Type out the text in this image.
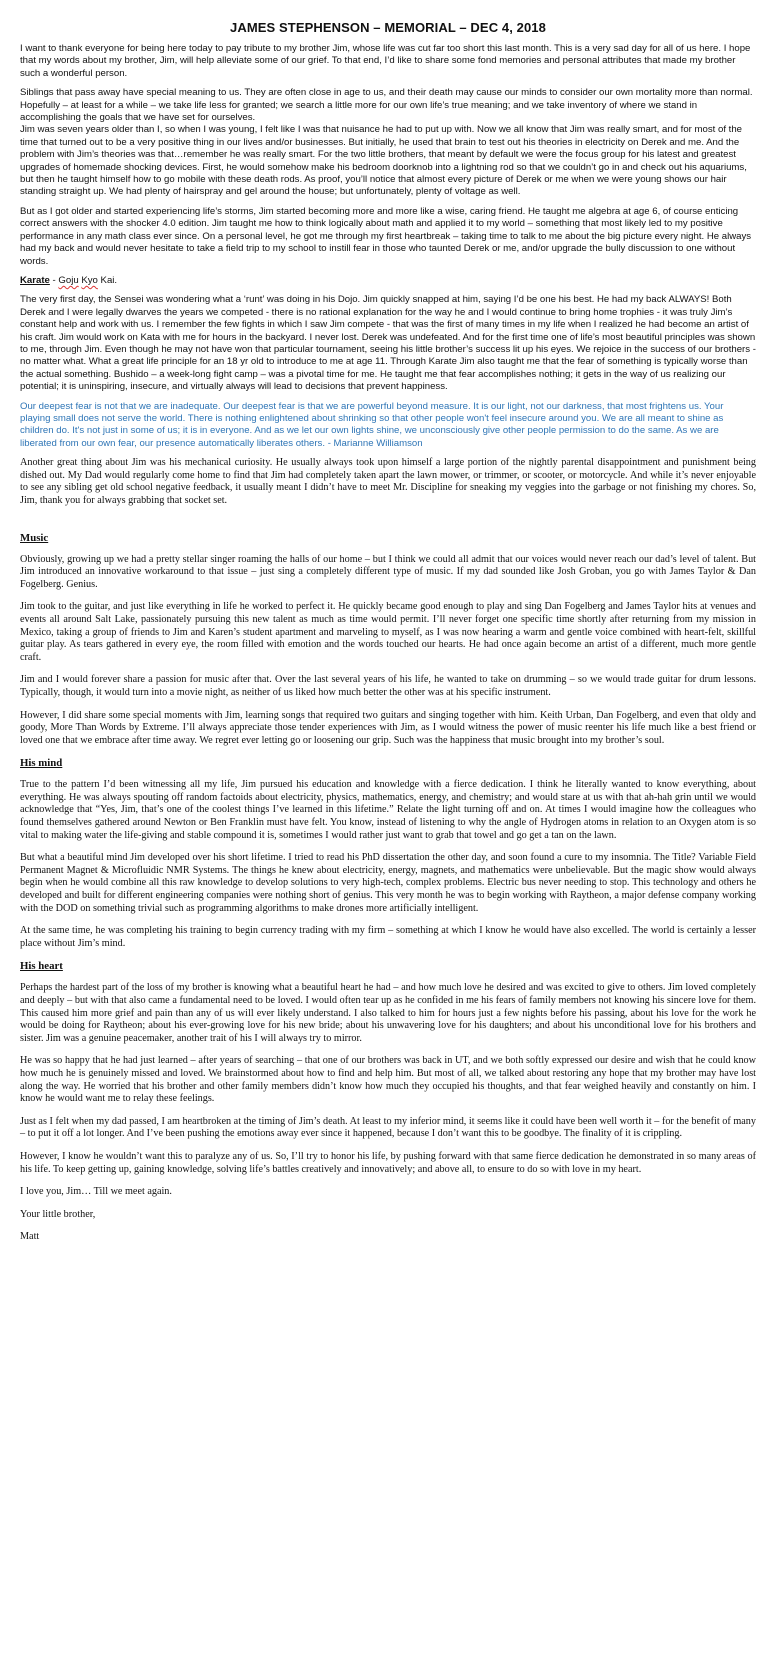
JAMES STEPHENSON – MEMORIAL – DEC 4, 2018

I want to thank everyone for being here today to pay tribute to my brother Jim, whose life was cut far too short this last month. This is a very sad day for all of us here. I hope that my words about my brother, Jim, will help alleviate some of our grief. To that end, I’d like to share some fond memories and personal attributes that made my brother such a wonderful person.

Siblings that pass away have special meaning to us. They are often close in age to us, and their death may cause our minds to consider our own mortality more than normal. Hopefully – at least for a while – we take life less for granted; we search a little more for our own life’s true meaning; and we take inventory of where we stand in accomplishing the goals that we have set for ourselves.

Jim was seven years older than I, so when I was young, I felt like I was that nuisance he had to put up with. Now we all know that Jim was really smart, and for most of the time that turned out to be a very positive thing in our lives and/or businesses. But initially, he used that brain to test out his theories in electricity on Derek and me. And the problem with Jim’s theories was that…remember he was really smart. For the two little brothers, that meant by default we were the focus group for his latest and greatest upgrades of homemade shocking devices. First, he would somehow make his bedroom doorknob into a lightning rod so that we couldn’t go in and check out his aquariums, but then he taught himself how to go mobile with these death rods. As proof, you’ll notice that almost every picture of Derek or me when we were young shows our hair standing straight up. We had plenty of hairspray and gel around the house; but unfortunately, plenty of voltage as well.

But as I got older and started experiencing life’s storms, Jim started becoming more and more like a wise, caring friend. He taught me algebra at age 6, of course enticing correct answers with the shocker 4.0 edition. Jim taught me how to think logically about math and applied it to my world – something that most likely led to my positive performance in any math class ever since. On a personal level, he got me through my first heartbreak – taking time to talk to me about the big picture every night. He always had my back and would never hesitate to take a field trip to my school to instill fear in those who taunted Derek or me, and/or upgrade the bully discussion to one without words.

Karate - Goju Kyo Kai.

The very first day, the Sensei was wondering what a ‘runt’ was doing in his Dojo. Jim quickly snapped at him, saying I’d be one his best. He had my back ALWAYS! Both Derek and I were legally dwarves the years we competed - there is no rational explanation for the way he and I would continue to bring home trophies - it was truly Jim’s constant help and work with us. I remember the few fights in which I saw Jim compete - that was the first of many times in my life when I realized he had become an artist of his craft. Jim would work on Kata with me for hours in the backyard. I never lost. Derek was undefeated. And for the first time one of life’s most beautiful principles was shown to me, through Jim. Even though he may not have won that particular tournament, seeing his little brother’s success lit up his eyes. We rejoice in the success of our brothers - no matter what. What a great life principle for an 18 yr old to introduce to me at age 11. Through Karate Jim also taught me that the fear of something is typically worse than the actual something. Bushido – a week-long fight camp – was a pivotal time for me. He taught me that fear accomplishes nothing; it gets in the way of us realizing our potential; it is uninspiring, insecure, and virtually always will lead to decisions that prevent happiness.

Our deepest fear is not that we are inadequate. Our deepest fear is that we are powerful beyond measure. It is our light, not our darkness, that most frightens us. Your playing small does not serve the world. There is nothing enlightened about shrinking so that other people won't feel insecure around you. We are all meant to shine as children do. It's not just in some of us; it is in everyone. And as we let our own lights shine, we unconsciously give other people permission to do the same. As we are liberated from our own fear, our presence automatically liberates others. - Marianne Williamson

Another great thing about Jim was his mechanical curiosity. He usually always took upon himself a large portion of the nightly parental disappointment and punishment being dished out. My Dad would regularly come home to find that Jim had completely taken apart the lawn mower, or trimmer, or scooter, or motorcycle. And while it’s never enjoyable to see any sibling get old school negative feedback, it usually meant I didn’t have to meet Mr. Discipline for sneaking my veggies into the garbage or not finishing my chores. So, Jim, thank you for always grabbing that socket set.

Music

Obviously, growing up we had a pretty stellar singer roaming the halls of our home – but I think we could all admit that our voices would never reach our dad’s level of talent. But Jim introduced an innovative workaround to that issue – just sing a completely different type of music. If my dad sounded like Josh Groban, you go with James Taylor & Dan Fogelberg. Genius.

Jim took to the guitar, and just like everything in life he worked to perfect it. He quickly became good enough to play and sing Dan Fogelberg and James Taylor hits at venues and events all around Salt Lake, passionately pursuing this new talent as much as time would permit. I’ll never forget one specific time shortly after returning from my mission in Mexico, taking a group of friends to Jim and Karen’s student apartment and marveling to myself, as I was now hearing a warm and gentle voice combined with heart-felt, skillful guitar play. As tears gathered in every eye, the room filled with emotion and the words touched our hearts. He had once again become an artist of a different, much more gentle craft.

Jim and I would forever share a passion for music after that. Over the last several years of his life, he wanted to take on drumming – so we would trade guitar for drum lessons. Typically, though, it would turn into a movie night, as neither of us liked how much better the other was at his specific instrument.

However, I did share some special moments with Jim, learning songs that required two guitars and singing together with him. Keith Urban, Dan Fogelberg, and even that oldy and goody, More Than Words by Extreme. I’ll always appreciate those tender experiences with Jim, as I would witness the power of music reenter his life much like a best friend or loved one that we embrace after time away. We regret ever letting go or loosening our grip. Such was the happiness that music brought into my brother’s soul.

His mind

True to the pattern I’d been witnessing all my life, Jim pursued his education and knowledge with a fierce dedication. I think he literally wanted to know everything, about everything. He was always spouting off random factoids about electricity, physics, mathematics, energy, and chemistry; and would stare at us with that ah-hah grin until we would acknowledge that “Yes, Jim, that’s one of the coolest things I’ve learned in this lifetime.” Relate the light turning off and on. At times I would imagine how the colleagues who found themselves gathered around Newton or Ben Franklin must have felt. You know, instead of listening to why the angle of Hydrogen atoms in relation to an Oxygen atom is so vital to making water the life-giving and stable compound it is, sometimes I would rather just want to grab that towel and go get a tan on the lawn.

But what a beautiful mind Jim developed over his short lifetime. I tried to read his PhD dissertation the other day, and soon found a cure to my insomnia. The Title? Variable Field Permanent Magnet & Microfluidic NMR Systems. The things he knew about electricity, energy, magnets, and mathematics were unbelievable. But the magic show would always begin when he would combine all this raw knowledge to develop solutions to very high-tech, complex problems. Electric bus never needing to stop. This technology and others he developed and built for different engineering companies were nothing short of genius. This very month he was to begin working with Raytheon, a major defense company working with the DOD on something trivial such as programming algorithms to make drones more artificially intelligent.

At the same time, he was completing his training to begin currency trading with my firm – something at which I know he would have also excelled. The world is certainly a lesser place without Jim’s mind.

His heart

Perhaps the hardest part of the loss of my brother is knowing what a beautiful heart he had – and how much love he desired and was excited to give to others. Jim loved completely and deeply – but with that also came a fundamental need to be loved. I would often tear up as he confided in me his fears of family members not knowing his sincere love for them. This caused him more grief and pain than any of us will ever likely understand. I also talked to him for hours just a few nights before his passing, about his love for the work he would be doing for Raytheon; about his ever-growing love for his new bride; about his unwavering love for his daughters; and about his unconditional love for his brothers and sister. Jim was a genuine peacemaker, another trait of his I will always try to mirror.

He was so happy that he had just learned – after years of searching – that one of our brothers was back in UT, and we both softly expressed our desire and wish that he could know how much he is genuinely missed and loved. We brainstormed about how to find and help him. But most of all, we talked about restoring any hope that my brother may have lost along the way. He worried that his brother and other family members didn’t know how much they occupied his thoughts, and that fear weighed heavily and constantly on him. I know he would want me to relay these feelings.

Just as I felt when my dad passed, I am heartbroken at the timing of Jim’s death. At least to my inferior mind, it seems like it could have been well worth it – for the benefit of many – to put it off a lot longer. And I’ve been pushing the emotions away ever since it happened, because I don’t want this to be goodbye. The finality of it is crippling.

However, I know he wouldn’t want this to paralyze any of us. So, I’ll try to honor his life, by pushing forward with that same fierce dedication he demonstrated in so many areas of his life. To keep getting up, gaining knowledge, solving life’s battles creatively and innovatively; and above all, to ensure to do so with love in my heart.

I love you, Jim… Till we meet again.

Your little brother,

Matt
